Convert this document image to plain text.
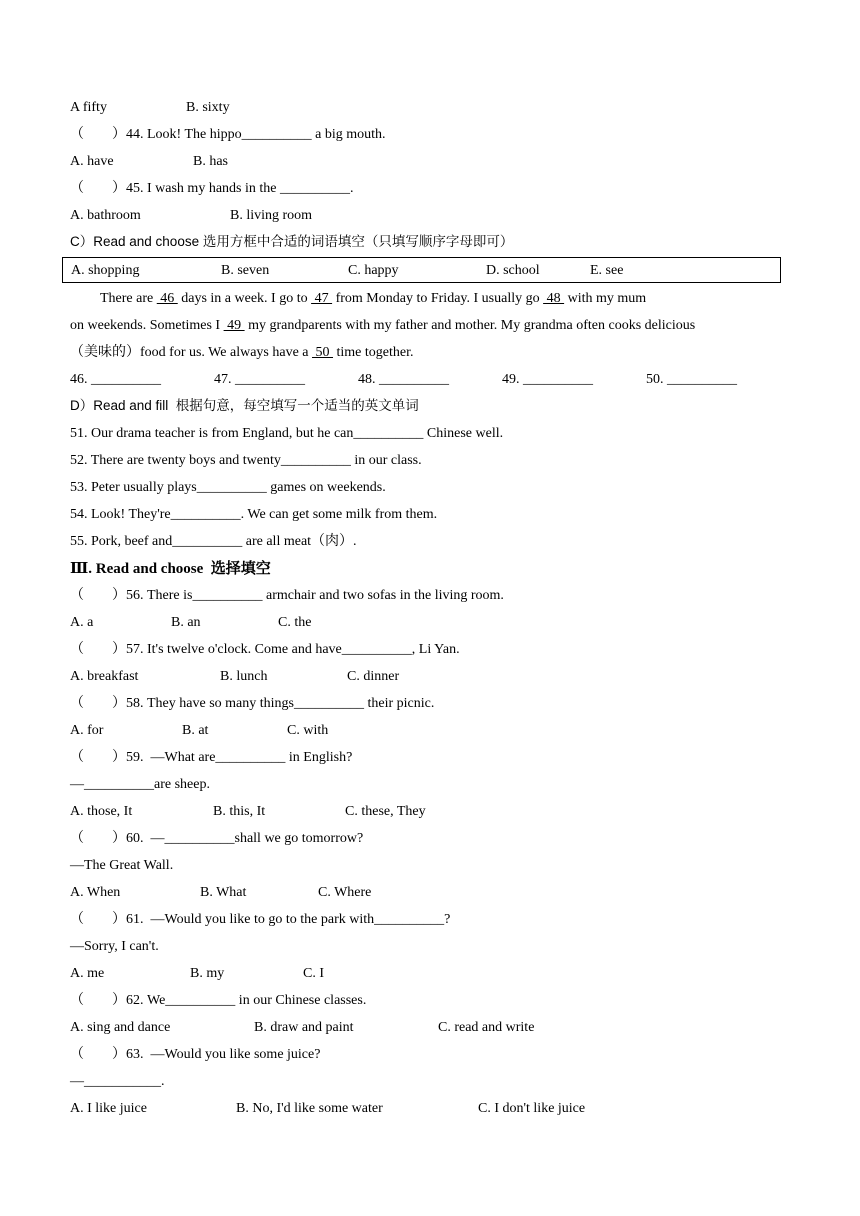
A fifty	B. sixty
（　　）44. Look! The hippo__________ a big mouth.
A. have	B. has
（　　）45. I wash my hands in the __________.
A. bathroom	B. living room
C）Read and choose 选用方框中合适的词语填空（只填写顺序字母即可）
A. shopping	B. seven	C. happy	D. school	E. see
There are  46  days in a week. I go to  47  from Monday to Friday. I usually go  48  with my mum
on weekends. Sometimes I  49  my grandparents with my father and mother. My grandma often cooks delicious
（美味的）food for us. We always have a  50  time together.
46. __________	47. __________	48. __________	49. __________	50. __________
D）Read and fill  根据句意，每空填写一个适当的英文单词
51. Our drama teacher is from England, but he can__________ Chinese well.
52. There are twenty boys and twenty__________ in our class.
53. Peter usually plays__________ games on weekends.
54. Look! They're__________. We can get some milk from them.
55. Pork, beef and__________ are all meat（肉）.
Ⅲ. Read and choose  选择填空
（　　）56. There is__________ armchair and two sofas in the living room.
A. a	B. an	C. the
（　　）57. It's twelve o'clock. Come and have__________, Li Yan.
A. breakfast	B. lunch	C. dinner
（　　）58. They have so many things__________ their picnic.
A. for	B. at	C. with
（　　）59.  —What are__________ in English?
—__________are sheep.
A. those, It	B. this, It	C. these, They
（　　）60.  —__________shall we go tomorrow?
—The Great Wall.
A. When	B. What	C. Where
（　　）61.  —Would you like to go to the park with__________?
—Sorry, I can't.
A. me	B. my	C. I
（　　）62. We__________ in our Chinese classes.
A. sing and dance	B. draw and paint	C. read and write
（　　）63.  —Would you like some juice?
—___________.
A. I like juice	B. No, I'd like some water	C. I don't like juice
